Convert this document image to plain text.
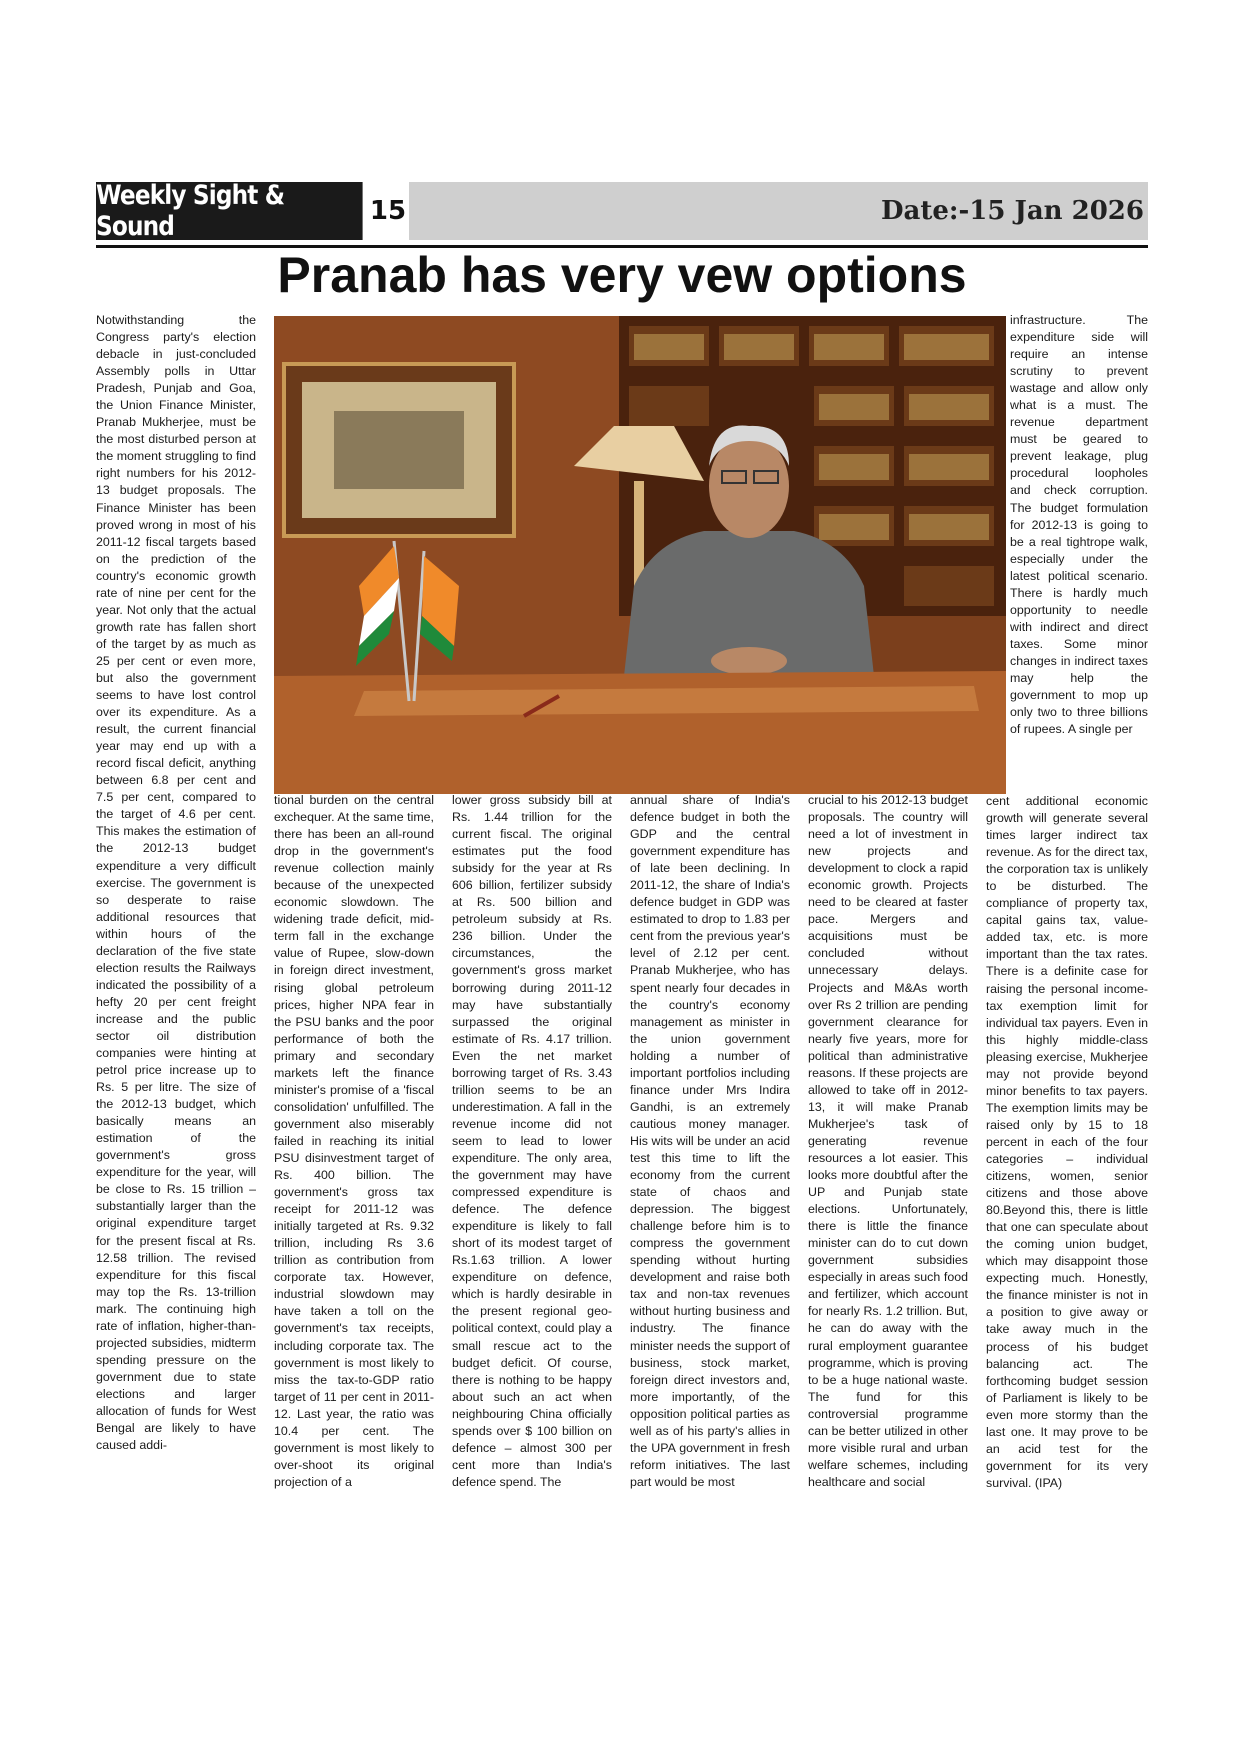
Weekly Sight & Sound	15	Date:-15 Jan 2026
Pranab has very vew options

Notwithstanding the Congress party's election debacle in just-concluded Assembly polls in Uttar Pradesh, Punjab and Goa, the Union Finance Minister, Pranab Mukherjee, must be the most disturbed person at the moment struggling to find right numbers for his 2012-13 budget proposals. The Finance Minister has been proved wrong in most of his 2011-12 fiscal targets based on the prediction of the country's economic growth rate of nine per cent for the year. Not only that the actual growth rate has fallen short of the target by as much as 25 per cent or even more, but also the government seems to have lost control over its expenditure. As a result, the current financial year may end up with a record fiscal deficit, anything between 6.8 per cent and 7.5 per cent, compared to the target of 4.6 per cent. This makes the estimation of the 2012-13 budget expenditure a very difficult exercise. The government is so desperate to raise additional resources that within hours of the declaration of the five state election results the Railways indicated the possibility of a hefty 20 per cent freight increase and the public sector oil distribution companies were hinting at petrol price increase up to Rs. 5 per litre. The size of the 2012-13 budget, which basically means an estimation of the government's gross expenditure for the year, will be close to Rs. 15 trillion – substantially larger than the original expenditure target for the present fiscal at Rs. 12.58 trillion. The revised expenditure for this fiscal may top the Rs. 13-trillion mark. The continuing high rate of inflation, higher-than-projected subsidies, midterm spending pressure on the government due to state elections and larger allocation of funds for West Bengal are likely to have caused addi-

tional burden on the central exchequer. At the same time, there has been an all-round drop in the government's revenue collection mainly because of the unexpected economic slowdown. The widening trade deficit, mid-term fall in the exchange value of Rupee, slow-down in foreign direct investment, rising global petroleum prices, higher NPA fear in the PSU banks and the poor performance of both the primary and secondary markets left the finance minister's promise of a 'fiscal consolidation' unfulfilled. The government also miserably failed in reaching its initial PSU disinvestment target of Rs. 400 billion. The government's gross tax receipt for 2011-12 was initially targeted at Rs. 9.32 trillion, including Rs 3.6 trillion as contribution from corporate tax. However, industrial slowdown may have taken a toll on the government's tax receipts, including corporate tax. The government is most likely to miss the tax-to-GDP ratio target of 11 per cent in 2011-12. Last year, the ratio was 10.4 per cent. The government is most likely to over-shoot its original projection of a

lower gross subsidy bill at Rs. 1.44 trillion for the current fiscal. The original estimates put the food subsidy for the year at Rs 606 billion, fertilizer subsidy at Rs. 500 billion and petroleum subsidy at Rs. 236 billion. Under the circumstances, the government's gross market borrowing during 2011-12 may have substantially surpassed the original estimate of Rs. 4.17 trillion. Even the net market borrowing target of Rs. 3.43 trillion seems to be an underestimation. A fall in the revenue income did not seem to lead to lower expenditure. The only area, the government may have compressed expenditure is defence. The defence expenditure is likely to fall short of its modest target of Rs.1.63 trillion. A lower expenditure on defence, which is hardly desirable in the present regional geo-political context, could play a small rescue act to the budget deficit. Of course, there is nothing to be happy about such an act when neighbouring China officially spends over $ 100 billion on defence – almost 300 per cent more than India's defence spend. The

annual share of India's defence budget in both the GDP and the central government expenditure has of late been declining. In 2011-12, the share of India's defence budget in GDP was estimated to drop to 1.83 per cent from the previous year's level of 2.12 per cent. Pranab Mukherjee, who has spent nearly four decades in the country's economy management as minister in the union government holding a number of important portfolios including finance under Mrs Indira Gandhi, is an extremely cautious money manager. His wits will be under an acid test this time to lift the economy from the current state of chaos and depression. The biggest challenge before him is to compress the government spending without hurting development and raise both tax and non-tax revenues without hurting business and industry. The finance minister needs the support of business, stock market, foreign direct investors and, more importantly, of the opposition political parties as well as of his party's allies in the UPA government in fresh reform initiatives. The last part would be most

crucial to his 2012-13 budget proposals. The country will need a lot of investment in new projects and development to clock a rapid economic growth. Projects need to be cleared at faster pace. Mergers and acquisitions must be concluded without unnecessary delays. Projects and M&As worth over Rs 2 trillion are pending government clearance for nearly five years, more for political than administrative reasons. If these projects are allowed to take off in 2012-13, it will make Pranab Mukherjee's task of generating revenue resources a lot easier. This looks more doubtful after the UP and Punjab state elections. Unfortunately, there is little the finance minister can do to cut down government subsidies especially in areas such food and fertilizer, which account for nearly Rs. 1.2 trillion. But, he can do away with the rural employment guarantee programme, which is proving to be a huge national waste. The fund for this controversial programme can be better utilized in other more visible rural and urban welfare schemes, including healthcare and social

infrastructure. The expenditure side will require an intense scrutiny to prevent wastage and allow only what is a must. The revenue department must be geared to prevent leakage, plug procedural loopholes and check corruption. The budget formulation for 2012-13 is going to be a real tightrope walk, especially under the latest political scenario. There is hardly much opportunity to needle with indirect and direct taxes. Some minor changes in indirect taxes may help the government to mop up only two to three billions of rupees. A single per

cent additional economic growth will generate several times larger indirect tax revenue. As for the direct tax, the corporation tax is unlikely to be disturbed. The compliance of property tax, capital gains tax, value-added tax, etc. is more important than the tax rates. There is a definite case for raising the personal income-tax exemption limit for individual tax payers. Even in this highly middle-class pleasing exercise, Mukherjee may not provide beyond minor benefits to tax payers. The exemption limits may be raised only by 15 to 18 percent in each of the four categories – individual citizens, women, senior citizens and those above 80.Beyond this, there is little that one can speculate about the coming union budget, which may disappoint those expecting much. Honestly, the finance minister is not in a position to give away or take away much in the process of his budget balancing act. The forthcoming budget session of Parliament is likely to be even more stormy than the last one. It may prove to be an acid test for the government for its very survival. (IPA)
